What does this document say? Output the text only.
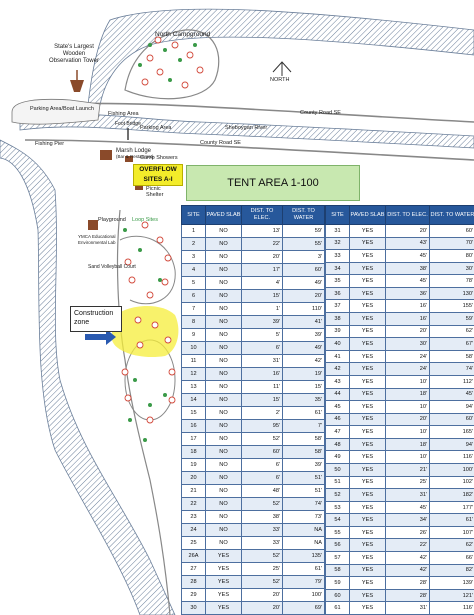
North Campground
State's Largest Wooden Observation Tower
NORTH
Parking Area/Boat Launch
Fishing Area
Foot Bridge
Parking Area	Sheboygan River
County Road SE
County Road SE
Fishing Pier
Marsh Lodge
(Bar & Restaurant)
Camp Showers
Picnic Shelter
Playground Loop Sites
YMCA Educational Environmental Lab
Sand Volleyball Court
OVERFLOW
SITES A-I	TENT AREA 1-100
Construction zone
SITE	PAVED SLAB	DIST. TO ELEC.	DIST. TO WATER
1	NO	13'	59'
2	NO	22'	55'
3	NO	20'	3'
4	NO	17'	60'
5	NO	4'	49'
6	NO	15'	20'
7	NO	1'	110'
8	NO	39'	41'
9	NO	5'	39'
10	NO	6'	49'
11	NO	31'	42'
12	NO	16'	19'
13	NO	11'	15'
14	NO	15'	35'
15	NO	2'	61'
16	NO	95'	7'
17	NO	52'	58'
18	NO	60'	58'
19	NO	6'	39'
20	NO	6'	51'
21	NO	48'	51'
22	NO	52'	74'
23	NO	38'	73'
24	NO	33'	NA
25	NO	33'	NA
26A	YES	52'	135'
27	YES	25'	61'
28	YES	52'	79'
29	YES	20'	100'
30	YES	20'	69'
SITE	PAVED SLAB	DIST. TO ELEC.	DIST. TO WATER
31	YES	20'	60'
32	YES	43'	70'
33	YES	45'	80'
34	YES	38'	30'
35	YES	45'	78'
36	YES	36'	130'
37	YES	16'	155'
38	YES	16'	59'
39	YES	20'	62'
40	YES	30'	67'
41	YES	24'	58'
42	YES	24'	74'
43	YES	10'	112'
44	YES	18'	45'
45	YES	10'	94'
46	YES	20'	60'
47	YES	10'	165'
48	YES	18'	94'
49	YES	10'	116'
50	YES	21'	100'
51	YES	25'	102'
52	YES	31'	182'
53	YES	45'	177'
54	YES	34'	61'
55	YES	26'	107'
56	YES	22'	62'
57	YES	42'	66'
58	YES	42'	82'
59	YES	28'	139'
60	YES	28'	121'
61	YES	31'	116'
